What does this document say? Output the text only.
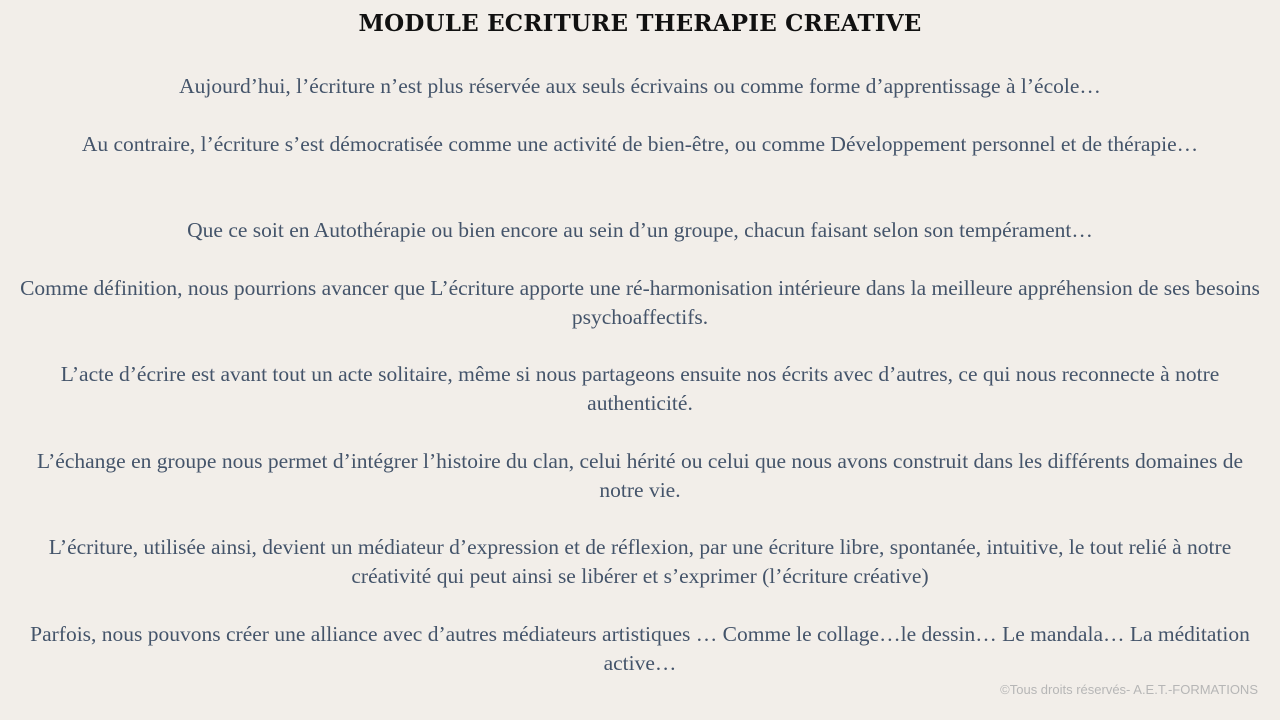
MODULE ECRITURE THERAPIE CREATIVE

Aujourd’hui, l’écriture n’est plus réservée aux seuls écrivains ou comme forme d’apprentissage à l’école…

Au contraire, l’écriture s’est démocratisée comme une activité de bien-être, ou comme Développement personnel et de thérapie…

Que ce soit en Autothérapie ou bien encore au sein d’un groupe, chacun faisant selon son tempérament…

Comme définition, nous pourrions avancer que L’écriture apporte une ré-harmonisation intérieure dans la meilleure appréhension de ses besoins psychoaffectifs.

L’acte d’écrire est avant tout un acte solitaire, même si nous partageons ensuite nos écrits avec d’autres, ce qui nous reconnecte à notre authenticité.

L’échange en groupe nous permet d’intégrer l’histoire du clan, celui hérité ou celui que nous avons construit dans les différents domaines de notre vie.

L’écriture, utilisée ainsi, devient un médiateur d’expression et de réflexion, par une écriture libre, spontanée, intuitive, le tout relié à notre créativité qui peut ainsi se libérer et s’exprimer (l’écriture créative)

Parfois, nous pouvons créer une alliance avec d’autres médiateurs artistiques … Comme le collage…le dessin… Le mandala… La méditation active…

©Tous droits réservés- A.E.T.-FORMATIONS
